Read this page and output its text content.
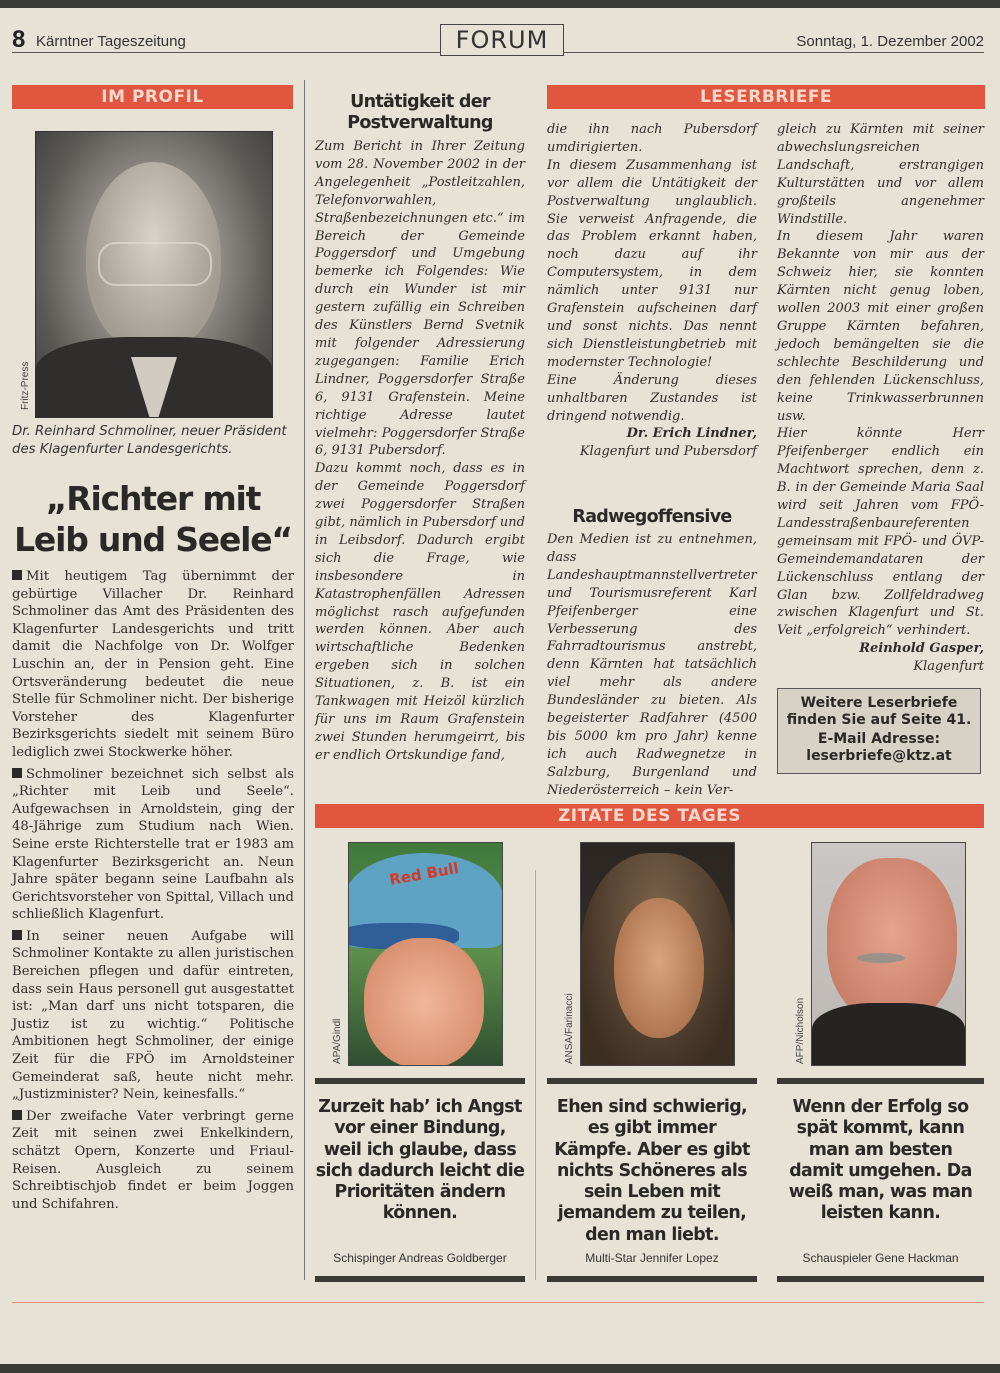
8 Kärntner Tageszeitung	FORUM	Sonntag, 1. Dezember 2002
IM PROFIL
Fritz-Press
Dr. Reinhard Schmoliner, neuer Präsident des Klagenfurter Landesgerichts.
„Richter mit
Leib und Seele“

Mit heutigem Tag übernimmt der gebürtige Villacher Dr. Reinhard Schmoliner das Amt des Präsidenten des Klagenfurter Landesgerichts und tritt damit die Nachfolge von Dr. Wolfger Luschin an, der in Pension geht. Eine Ortsveränderung bedeutet die neue Stelle für Schmoliner nicht. Der bisherige Vorsteher des Klagenfurter Bezirksgerichts siedelt mit seinem Büro lediglich zwei Stockwerke höher.

Schmoliner bezeichnet sich selbst als „Richter mit Leib und Seele“. Aufgewachsen in Arnoldstein, ging der 48-Jährige zum Studium nach Wien. Seine erste Richterstelle trat er 1983 am Klagenfurter Bezirksgericht an. Neun Jahre später begann seine Laufbahn als Gerichtsvorsteher von Spittal, Villach und schließlich Klagenfurt.

In seiner neuen Aufgabe will Schmoliner Kontakte zu allen juristischen Bereichen pflegen und dafür eintreten, dass sein Haus personell gut ausgestattet ist: „Man darf uns nicht totsparen, die Justiz ist zu wichtig.“ Politische Ambitionen hegt Schmoliner, der einige Zeit für die FPÖ im Arnoldsteiner Gemeinderat saß, heute nicht mehr. „Justizminister? Nein, keinesfalls.“

Der zweifache Vater verbringt gerne Zeit mit seinen zwei Enkelkindern, schätzt Opern, Konzerte und Friaul-Reisen. Ausgleich zu seinem Schreibtischjob findet er beim Joggen und Schifahren.

Untätigkeit der
Postverwaltung

Zum Bericht in Ihrer Zeitung vom 28. November 2002 in der Angelegenheit „Postleitzahlen, Telefonvorwahlen, Straßenbezeichnungen etc.“ im Bereich der Gemeinde Poggersdorf und Umgebung bemerke ich Folgendes: Wie durch ein Wunder ist mir gestern zufällig ein Schreiben des Künstlers Bernd Svetnik mit folgender Adressierung zugegangen: Familie Erich Lindner, Poggersdorfer Straße 6, 9131 Grafenstein. Meine richtige Adresse lautet vielmehr: Poggersdorfer Straße 6, 9131 Pubersdorf.

Dazu kommt noch, dass es in der Gemeinde Poggersdorf zwei Poggersdorfer Straßen gibt, nämlich in Pubersdorf und in Leibsdorf. Dadurch ergibt sich die Frage, wie insbesondere in Katastrophenfällen Adressen möglichst rasch aufgefunden werden können. Aber auch wirtschaftliche Bedenken ergeben sich in solchen Situationen, z. B. ist ein Tankwagen mit Heizöl kürzlich für uns im Raum Grafenstein zwei Stunden herumgeirrt, bis er endlich Ortskundige fand,

LESERBRIEFE

die ihn nach Pubersdorf umdirigierten.

In diesem Zusammenhang ist vor allem die Untätigkeit der Postverwaltung unglaublich. Sie verweist Anfragende, die das Problem erkannt haben, noch dazu auf ihr Computersystem, in dem nämlich unter 9131 nur Grafenstein aufscheinen darf und sonst nichts. Das nennt sich Dienstleistungbetrieb mit modernster Technologie!

Eine Änderung dieses unhaltbaren Zustandes ist dringend notwendig.

Dr. Erich Lindner,

Klagenfurt und Pubersdorf

Radwegoffensive

Den Medien ist zu entnehmen, dass Landeshauptmannstellvertreter und Tourismusreferent Karl Pfeifenberger eine Verbesserung des Fahrradtourismus anstrebt, denn Kärnten hat tatsächlich viel mehr als andere Bundesländer zu bieten. Als begeisterter Radfahrer (4500 bis 5000 km pro Jahr) kenne ich auch Radwegnetze in Salzburg, Burgenland und Niederösterreich – kein Ver-

gleich zu Kärnten mit seiner abwechslungsreichen Landschaft, erstrangigen Kulturstätten und vor allem großteils angenehmer Windstille.

In diesem Jahr waren Bekannte von mir aus der Schweiz hier, sie konnten Kärnten nicht genug loben, wollen 2003 mit einer großen Gruppe Kärnten befahren, jedoch bemängelten sie die schlechte Beschilderung und den fehlenden Lückenschluss, keine Trinkwasserbrunnen usw.

Hier könnte Herr Pfeifenberger endlich ein Machtwort sprechen, denn z. B. in der Gemeinde Maria Saal wird seit Jahren vom FPÖ-Landesstraßenbaureferenten gemeinsam mit FPÖ- und ÖVP-Gemeindemandataren der Lückenschluss entlang der Glan bzw. Zollfeldradweg zwischen Klagenfurt und St. Veit „erfolgreich“ verhindert.

Reinhold Gasper,

Klagenfurt

Weitere Leserbriefe
finden Sie auf Seite 41.
E-Mail Adresse:
leserbriefe@ktz.at
ZITATE DES TAGES
Red Bull
APA/Gindl	ANSA/Farinacci	AFP/Nicholson
Zurzeit hab’ ich Angst vor einer Bindung, weil ich glaube, dass sich dadurch leicht die Prioritäten ändern können.
Ehen sind schwierig, es gibt immer Kämpfe. Aber es gibt nichts Schöneres als sein Leben mit jemandem zu teilen, den man liebt.
Wenn der Erfolg so spät kommt, kann man am besten damit umgehen. Da weiß man, was man leisten kann.
Schispinger Andreas Goldberger	Multi-Star Jennifer Lopez	Schauspieler Gene Hackman
